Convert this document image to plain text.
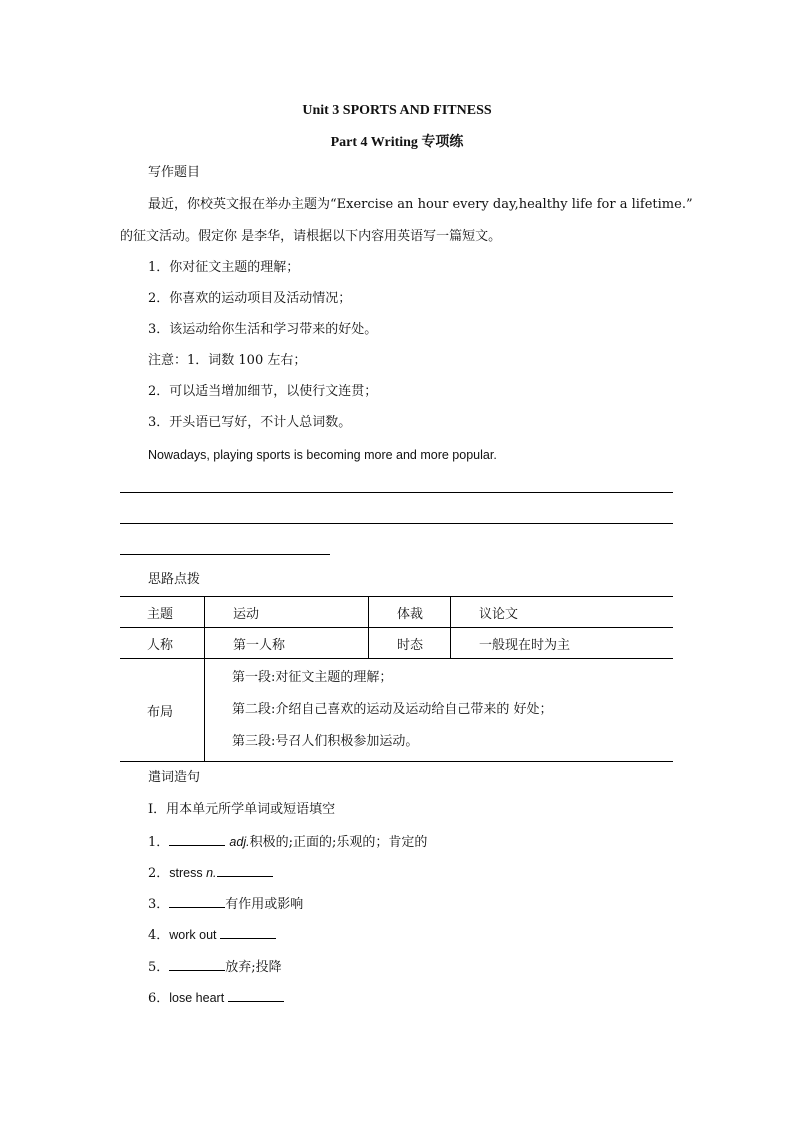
Unit 3 SPORTS AND FITNESS
Part 4 Writing 专项练
写作题目
最近，你校英文报在举办主题为“Exercise an hour every day,healthy life for a lifetime.”
的征文活动。假定你 是李华，请根据以下内容用英语写一篇短文。
1．你对征文主题的理解；
2．你喜欢的运动项目及活动情况；
3．该运动给你生活和学习带来的好处。
注意：1．词数 100 左右；
2．可以适当增加细节，以使行文连贯；
3．开头语已写好，不计人总词数。
Nowadays, playing sports is becoming more and more popular.
思路点拨
主题	运动	体裁	议论文
人称	第一人称	时态	一般现在时为主
布局	第一段:对征文主题的理解；
第二段:介绍自己喜欢的运动及运动给自己带来的 好处；
第三段:号召人们积极参加运动。		
遣词造句
Ⅰ．用本单元所学单词或短语填空
1．	adj.积极的;正面的;乐观的；肯定的
2．stress n.
3．	有作用或影响
4．work out
5．	放弃;投降
6．lose heart
